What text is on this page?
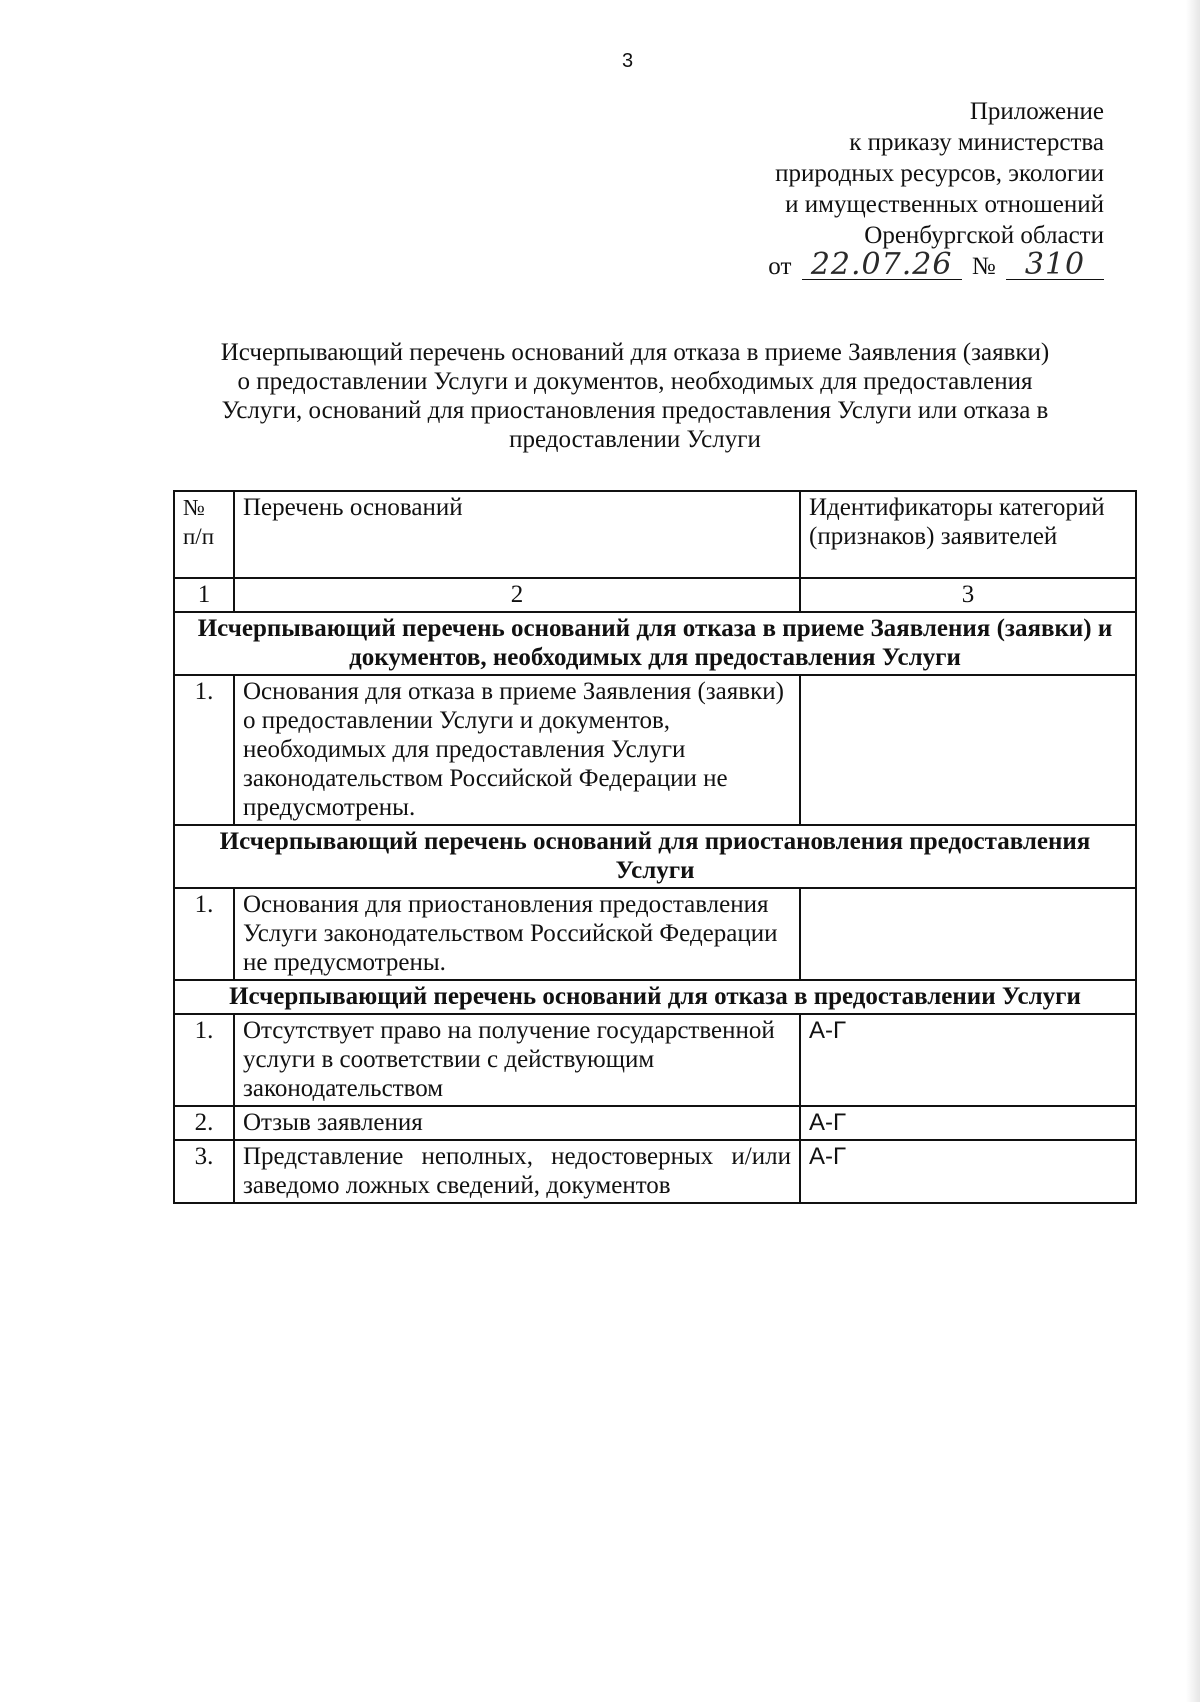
3
Приложение
к приказу министерства
природных ресурсов, экологии
и имущественных отношений
Оренбургской области
от 22.07.26 № 310
Исчерпывающий перечень оснований для отказа в приеме Заявления (заявки)
о предоставлении Услуги и документов, необходимых для предоставления
Услуги, оснований для приостановления предоставления Услуги или отказа в
предоставлении Услуги
№ п/п	Перечень оснований	Идентификаторы категорий (признаков) заявителей
1	2	3
Исчерпывающий перечень оснований для отказа в приеме Заявления (заявки) и документов, необходимых для предоставления Услуги		
1.	Основания для отказа в приеме Заявления (заявки) о предоставлении Услуги и документов, необходимых для предоставления Услуги законодательством Российской Федерации не предусмотрены.	
Исчерпывающий перечень оснований для приостановления предоставления Услуги		
1.	Основания для приостановления предоставления Услуги законодательством Российской Федерации не предусмотрены.	
Исчерпывающий перечень оснований для отказа в предоставлении Услуги		
1.	Отсутствует право на получение государственной услуги в соответствии с действующим законодательством	А-Г
2.	Отзыв заявления	А-Г
3.	Представление неполных, недостоверных и/или заведомо ложных сведений, документов	А-Г
